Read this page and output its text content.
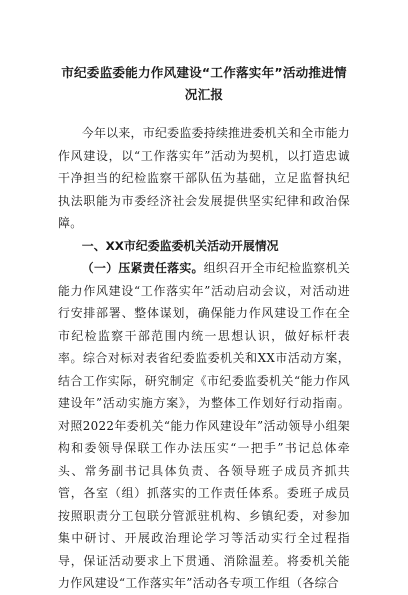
市纪委监委能力作风建设“工作落实年”活动推进情况汇报

今年以来，市纪委监委持续推进委机关和全市能力作风建设，以“工作落实年”活动为契机，以打造忠诚干净担当的纪检监察干部队伍为基础，立足监督执纪执法职能为市委经济社会发展提供坚实纪律和政治保障。

一、XX市纪委监委机关活动开展情况

（一）压紧责任落实。组织召开全市纪检监察机关能力作风建设“工作落实年”活动启动会议，对活动进行安排部署、整体谋划，确保能力作风建设工作在全市纪检监察干部范围内统一思想认识，做好标杆表率。综合对标对表省纪委监委机关和XX市活动方案，结合工作实际，研究制定《市纪委监委机关“能力作风建设年”活动实施方案》，为整体工作划好行动指南。对照2022年委机关“能力作风建设年”活动领导小组架构和委领导保联工作办法压实“一把手”书记总体牵头、常务副书记具体负责、各领导班子成员齐抓共管，各室（组）抓落实的工作责任体系。委班子成员按照职责分工包联分管派驻机构、乡镇纪委，对参加集中研讨、开展政治理论学习等活动实行全过程指导，保证活动要求上下贯通、消除温差。将委机关能力作风建设“工作落实年”活动各专项工作组（各综合
